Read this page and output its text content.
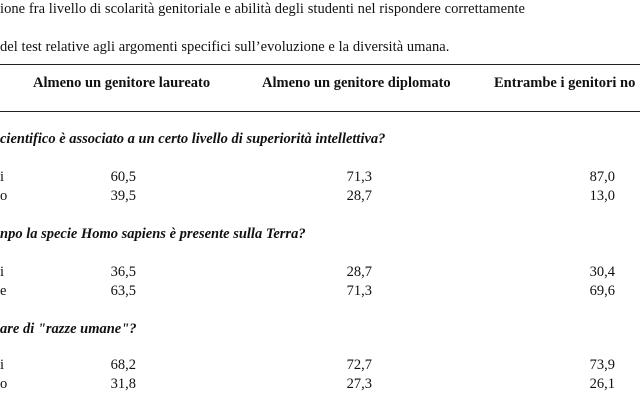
ione fra livello di scolarità genitoriale e abilità degli studenti nel rispondere correttamente
del test relative agli argomenti specifici sull’evoluzione e la diversità umana.
Almeno un genitore laureato	Almeno un genitore diplomato	Entrambe i genitori no
cientifico è associato a un certo livello di superiorità intellettiva?
i	60,5	71,3	87,0
o	39,5	28,7	13,0
npo la specie Homo sapiens è presente sulla Terra?
i	36,5	28,7	30,4
e	63,5	71,3	69,6
are di "razze umane"?
i	68,2	72,7	73,9
o	31,8	27,3	26,1
